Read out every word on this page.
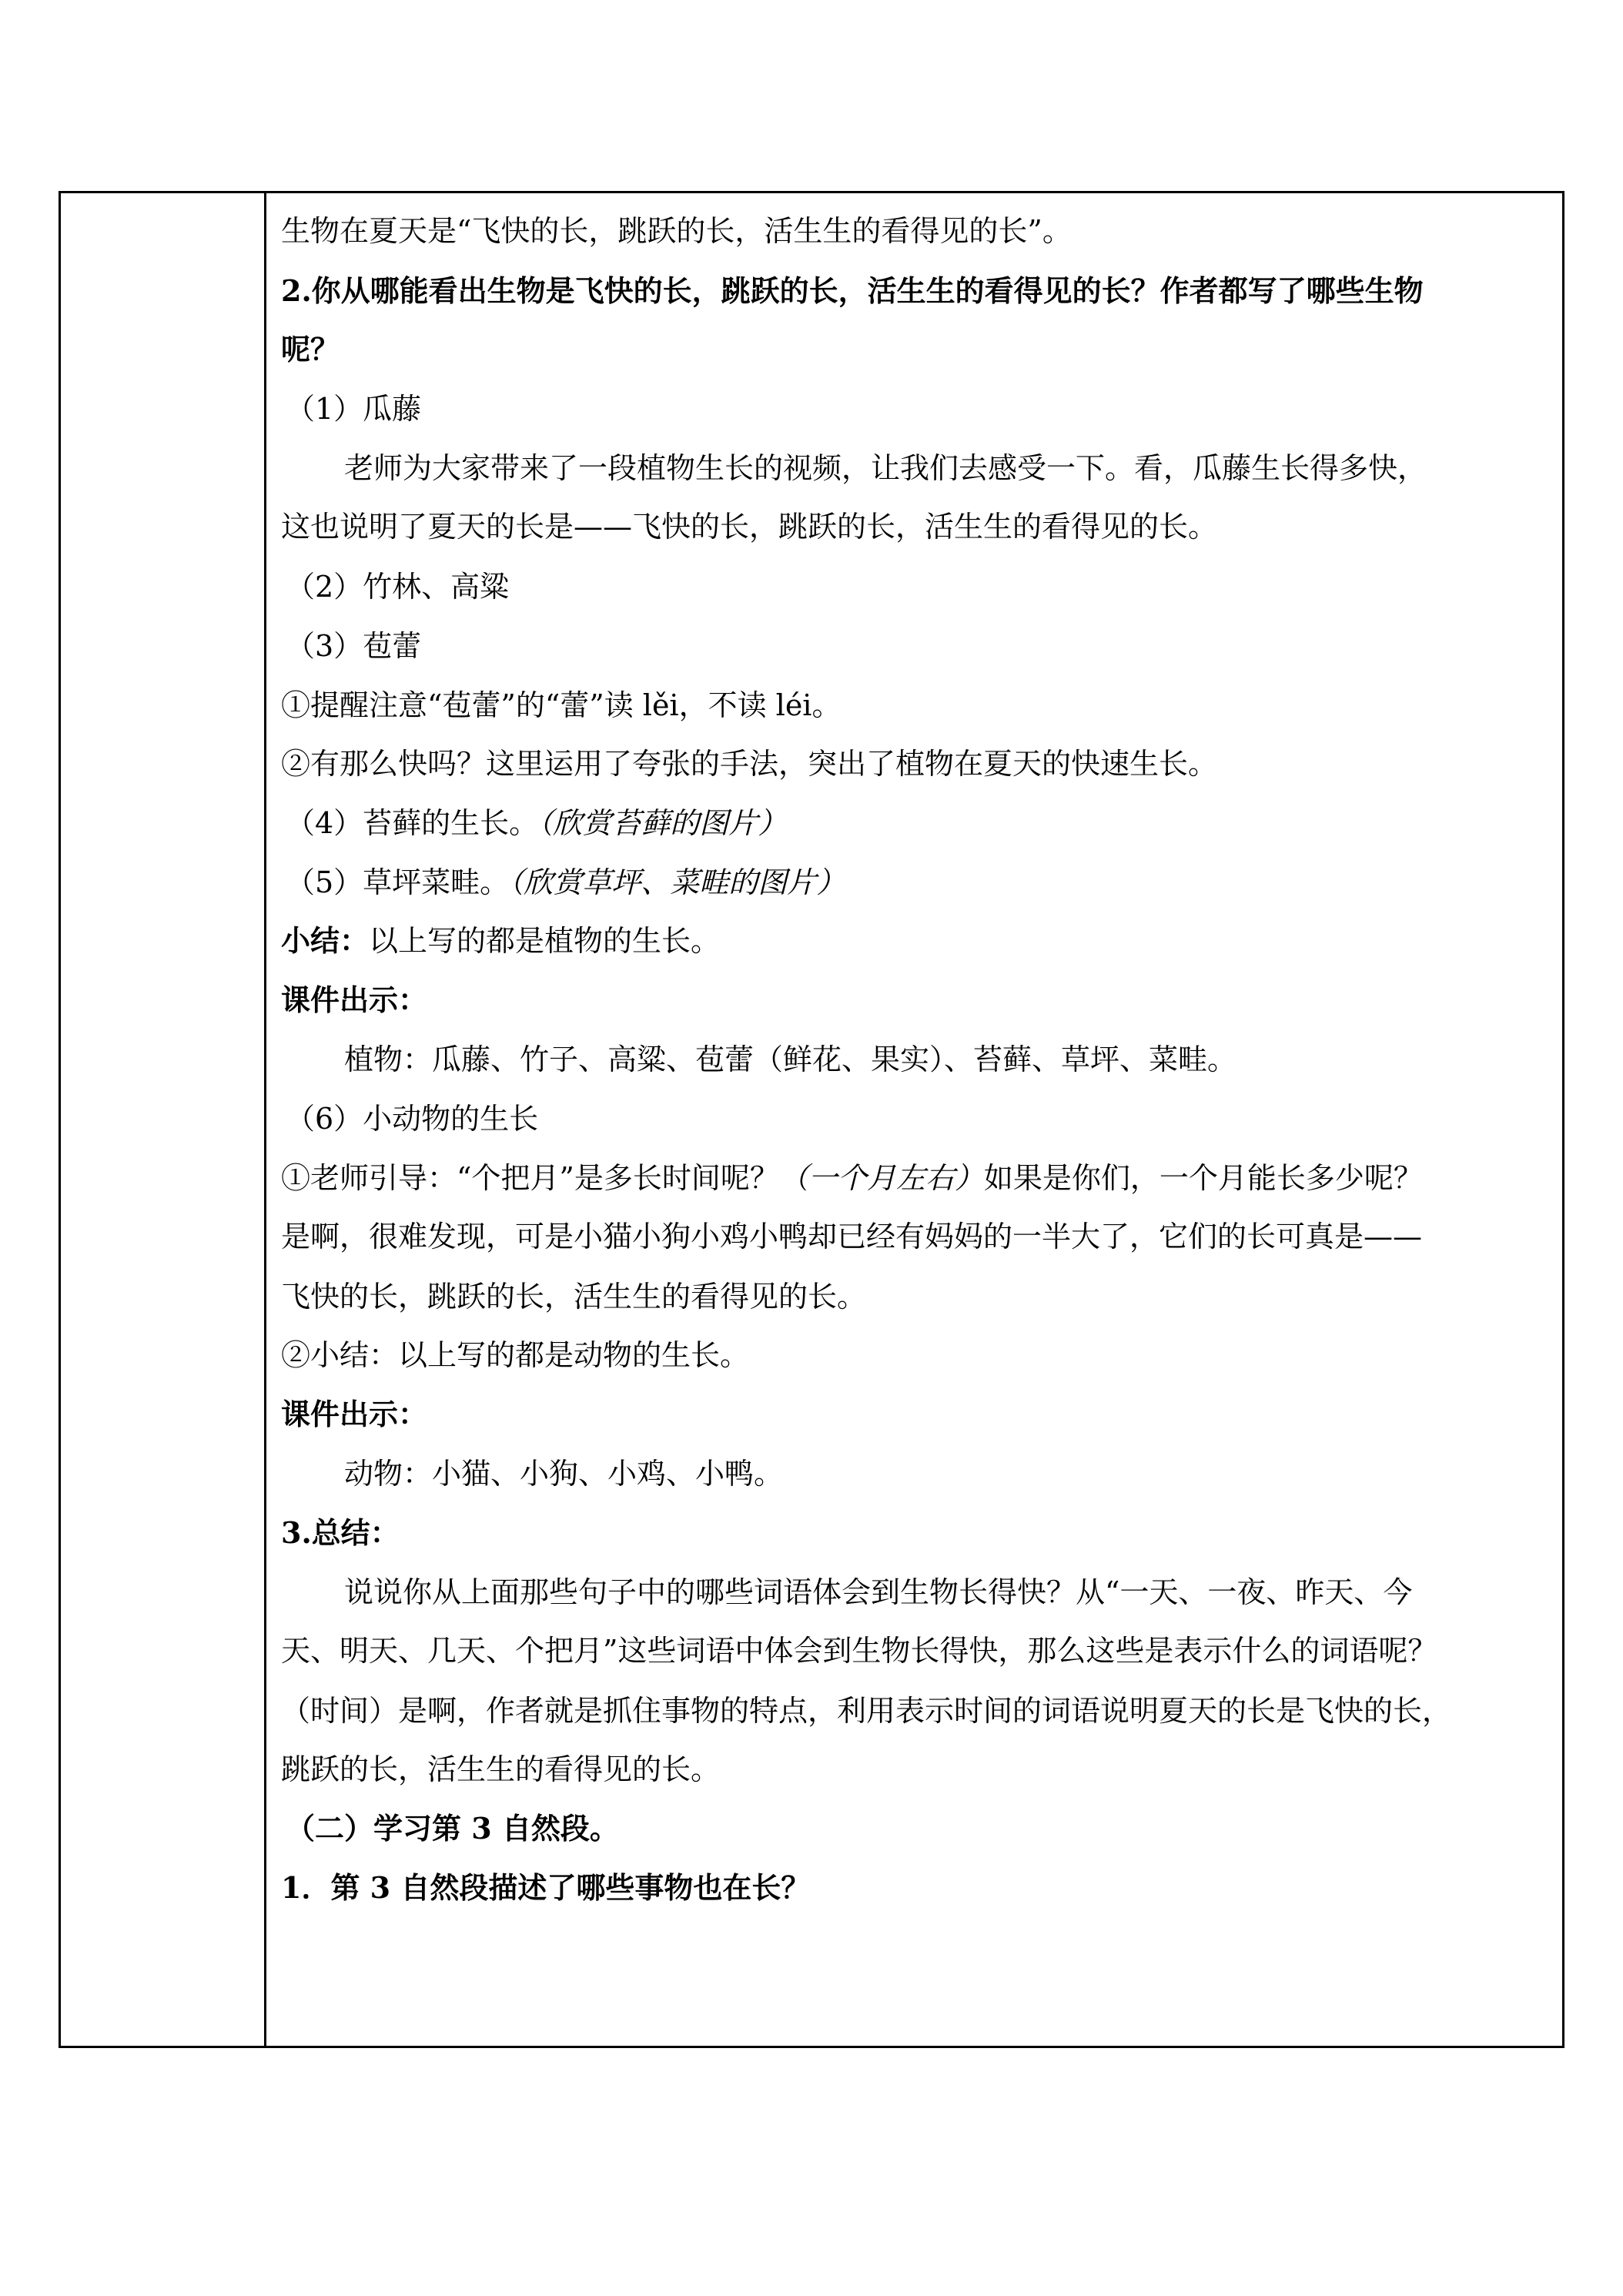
生物在夏天是“飞快的长，跳跃的长，活生生的看得见的长”。
2.你从哪能看出生物是飞快的长，跳跃的长，活生生的看得见的长？作者都写了哪些生物
呢？
（1）瓜藤
老师为大家带来了一段植物生长的视频，让我们去感受一下。看，瓜藤生长得多快，
这也说明了夏天的长是——飞快的长，跳跃的长，活生生的看得见的长。
（2）竹林、高粱
（3）苞蕾
①提醒注意“苞蕾”的“蕾”读 lěi，不读 léi。
②有那么快吗？这里运用了夸张的手法，突出了植物在夏天的快速生长。
（4）苔藓的生长。（欣赏苔藓的图片）
（5）草坪菜畦。（欣赏草坪、菜畦的图片）
小结：以上写的都是植物的生长。
课件出示：
植物：瓜藤、竹子、高粱、苞蕾（鲜花、果实）、苔藓、草坪、菜畦。
（6）小动物的生长
①老师引导：“个把月”是多长时间呢？（一个月左右）如果是你们，一个月能长多少呢？
是啊，很难发现，可是小猫小狗小鸡小鸭却已经有妈妈的一半大了，它们的长可真是——
飞快的长，跳跃的长，活生生的看得见的长。
②小结：以上写的都是动物的生长。
课件出示：
动物：小猫、小狗、小鸡、小鸭。
3.总结：
说说你从上面那些句子中的哪些词语体会到生物长得快？从“一天、一夜、昨天、今
天、明天、几天、个把月”这些词语中体会到生物长得快，那么这些是表示什么的词语呢？
（时间）是啊，作者就是抓住事物的特点，利用表示时间的词语说明夏天的长是飞快的长，
跳跃的长，活生生的看得见的长。
（二）学习第 3 自然段。
1．第 3 自然段描述了哪些事物也在长？
